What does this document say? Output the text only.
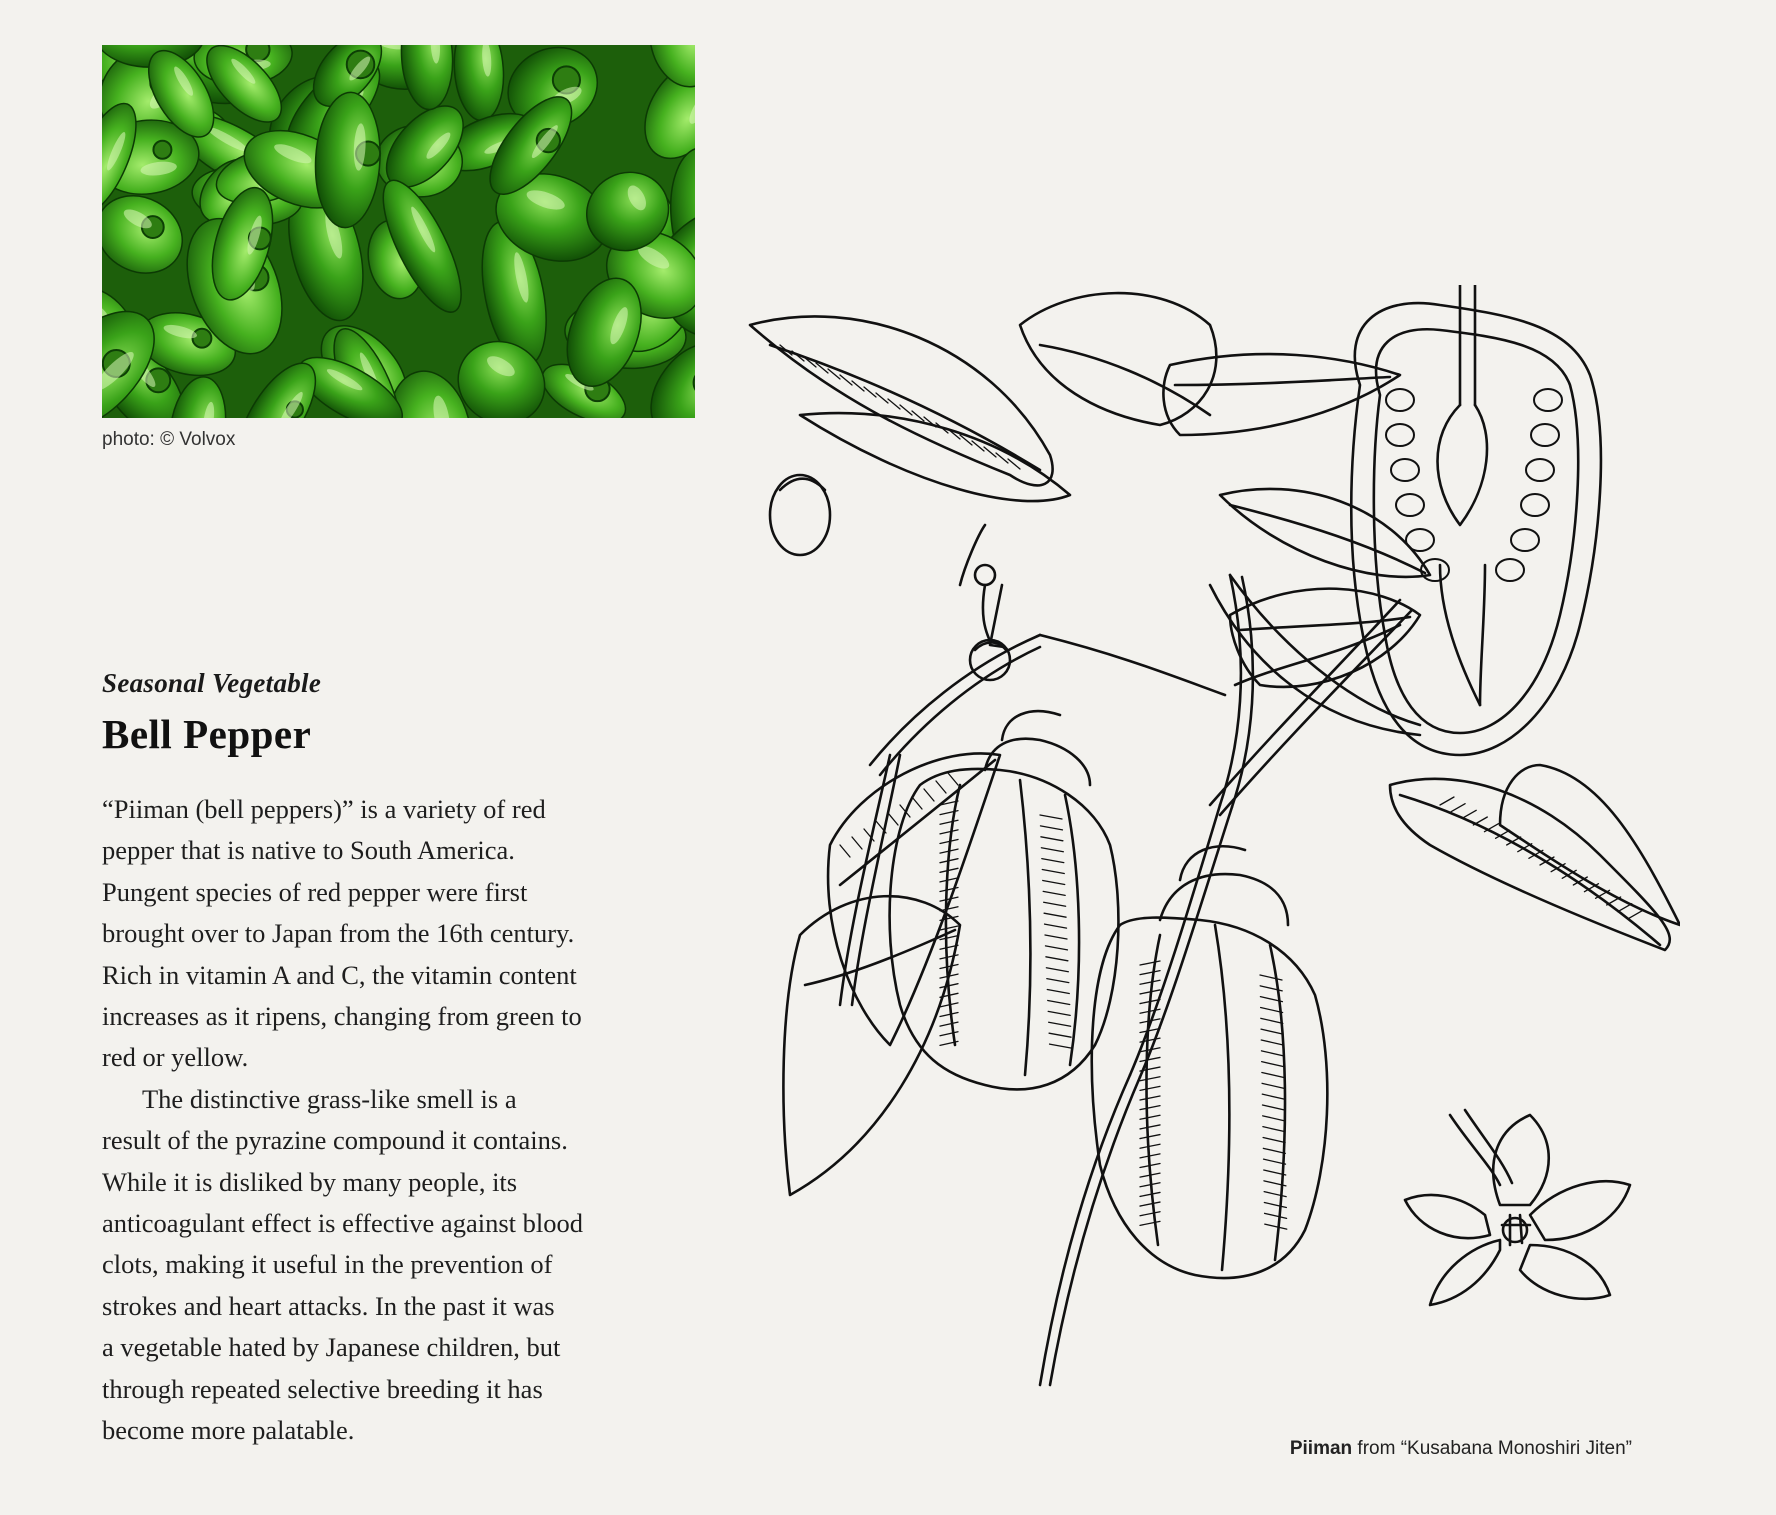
photo: © Volvox
Seasonal Vegetable
Bell Pepper
“Piiman (bell peppers)” is a variety of red
pepper that is native to South America.
Pungent species of red pepper were first
brought over to Japan from the 16th century.
Rich in vitamin A and C, the vitamin content
increases as it ripens, changing from green to
red or yellow.
The distinctive grass-like smell is a
result of the pyrazine compound it contains.
While it is disliked by many people, its
anticoagulant effect is effective against blood
clots, making it useful in the prevention of
strokes and heart attacks. In the past it was
a vegetable hated by Japanese children, but
through repeated selective breeding it has
become more palatable.
Piiman from “Kusabana Monoshiri Jiten”
